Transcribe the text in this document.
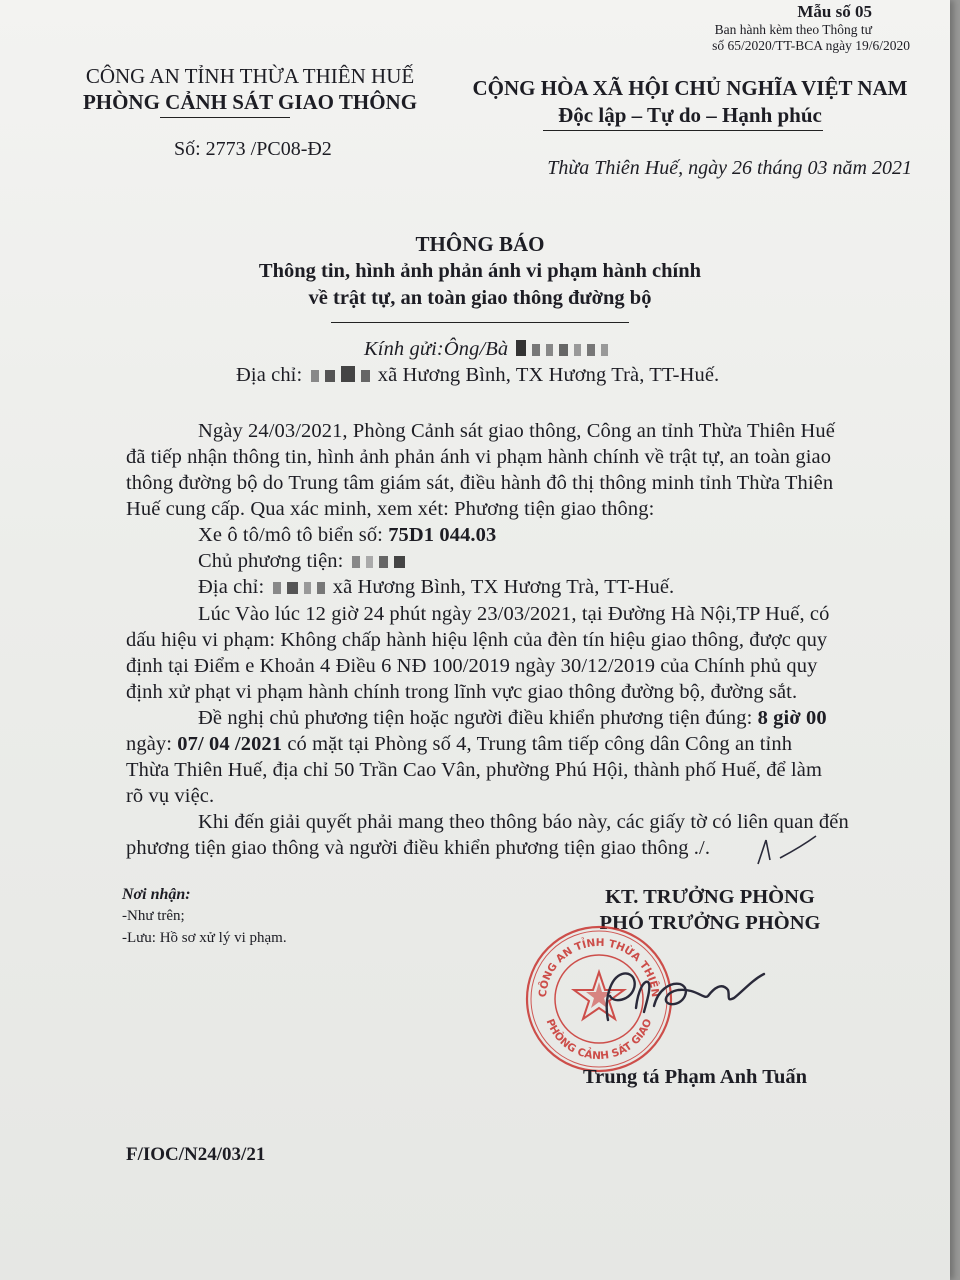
Mẫu số 05
Ban hành kèm theo Thông tư
số 65/2020/TT-BCA ngày 19/6/2020
CÔNG AN TỈNH THỪA THIÊN HUẾ
PHÒNG CẢNH SÁT GIAO THÔNG
Số: 2773 /PC08-Đ2
CỘNG HÒA XÃ HỘI CHỦ NGHĨA VIỆT NAM
Độc lập – Tự do – Hạnh phúc
Thừa Thiên Huế, ngày 26 tháng 03 năm 2021
THÔNG BÁO
Thông tin, hình ảnh phản ánh vi phạm hành chính
về trật tự, an toàn giao thông đường bộ
Kính gửi:Ông/Bà
Địa chỉ:	xã Hương Bình, TX Hương Trà, TT-Huế.
Ngày 24/03/2021, Phòng Cảnh sát giao thông, Công an tỉnh Thừa Thiên Huế
đã tiếp nhận thông tin, hình ảnh phản ánh vi phạm hành chính về trật tự, an toàn giao
thông đường bộ do Trung tâm giám sát, điều hành đô thị thông minh tỉnh Thừa Thiên
Huế cung cấp. Qua xác minh, xem xét: Phương tiện giao thông:
Xe ô tô/mô tô biển số: 75D1 044.03
Chủ phương tiện:
Địa chỉ:	xã Hương Bình, TX Hương Trà, TT-Huế.
Lúc Vào lúc 12 giờ 24 phút ngày 23/03/2021, tại Đường Hà Nội,TP Huế, có
dấu hiệu vi phạm: Không chấp hành hiệu lệnh của đèn tín hiệu giao thông, được quy
định tại Điểm e Khoản 4 Điều 6 NĐ 100/2019 ngày 30/12/2019 của Chính phủ quy
định xử phạt vi phạm hành chính trong lĩnh vực giao thông đường bộ, đường sắt.
Đề nghị chủ phương tiện hoặc người điều khiển phương tiện đúng: 8 giờ 00
ngày: 07/ 04 /2021 có mặt tại Phòng số 4, Trung tâm tiếp công dân Công an tỉnh
Thừa Thiên Huế, địa chỉ 50 Trần Cao Vân, phường Phú Hội, thành phố Huế, để làm
rõ vụ việc.
Khi đến giải quyết phải mang theo thông báo này, các giấy tờ có liên quan đến
phương tiện giao thông và người điều khiển phương tiện giao thông ./.
Nơi nhận:
-Như trên;
-Lưu: Hồ sơ xử lý vi phạm.
KT. TRƯỞNG PHÒNG
PHÓ TRƯỞNG PHÒNG
CÔNG AN TỈNH THỪA THIÊN
PHÒNG CẢNH SÁT GIAO
Trung tá Phạm Anh Tuấn
F/IOC/N24/03/21
